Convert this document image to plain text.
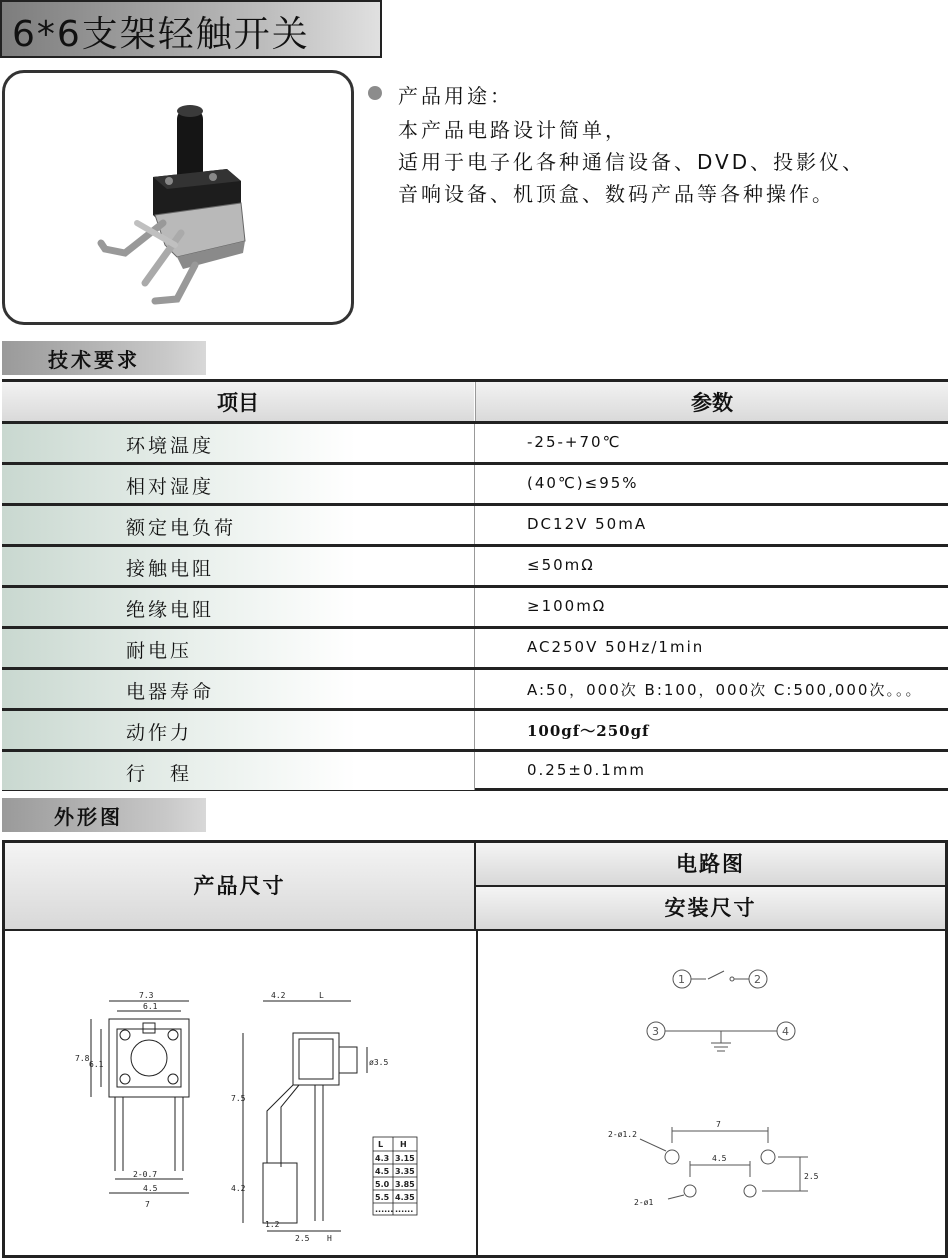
6*6支架轻触开关
产品用途：
本产品电路设计简单，
适用于电子化各种通信设备、DVD、投影仪、
音响设备、机顶盒、数码产品等各种操作。
技术要求
项目	参数
环境温度	-25-+70℃
相对湿度	(40℃)≤95%
额定电负荷	DC12V 50mA
接触电阻	≤50mΩ
绝缘电阻	≥100mΩ
耐电压	AC250V 50Hz/1min
电器寿命	A:50，000次 B:100，000次 C:500,000次。。。
动作力	100gf～250gf
行　程	0.25±0.1mm
外形图
产品尺寸
电路图
安装尺寸
7.3
6.1
7.8
6.1
2-0.7
4.5
7
4.2	L
ø3.5
7.5
4.2
1.2
2.5 H
L H
4.3 3.15
4.5 3.35
5.0 3.85
5.5 4.35
...... ......
1	2
3	4
2-ø1.2
2-ø1
7
4.5
2.5
